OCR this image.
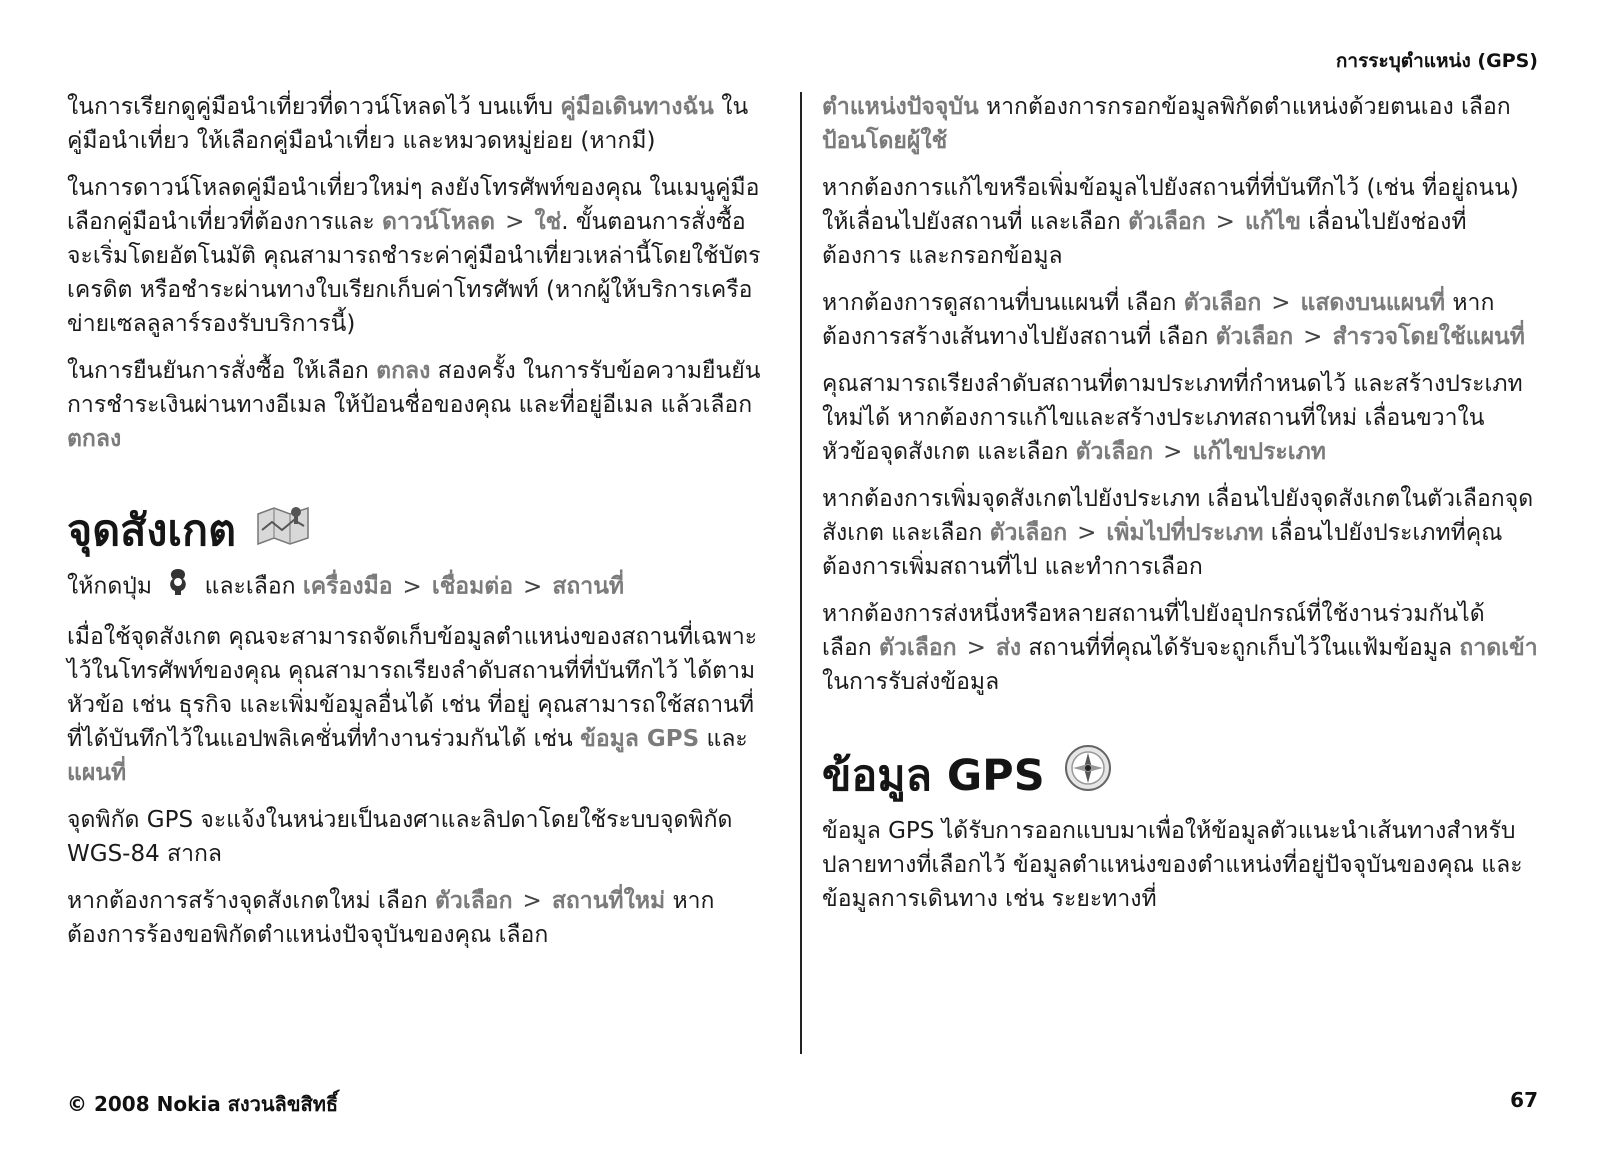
การระบุตำแหน่ง (GPS)

ในการเรียกดูคู่มือนำเที่ยวที่ดาวน์โหลดไว้ บนแท็บ คู่มือเดินทางฉัน ในคู่มือนำเที่ยว ให้เลือกคู่มือนำเที่ยว และหมวดหมู่ย่อย (หากมี)

ในการดาวน์โหลดคู่มือนำเที่ยวใหม่ๆ ลงยังโทรศัพท์ของคุณ ในเมนูคู่มือ เลือกคู่มือนำเที่ยวที่ต้องการและ ดาวน์โหลด > ใช่. ขั้นตอนการสั่งซื้อ จะเริ่มโดยอัตโนมัติ คุณสามารถชำระค่าคู่มือนำเที่ยวเหล่านี้โดยใช้บัตรเครดิต หรือชำระผ่านทางใบเรียกเก็บค่าโทรศัพท์ (หากผู้ให้บริการเครือข่ายเซลลูลาร์รองรับบริการนี้)

ในการยืนยันการสั่งซื้อ ให้เลือก ตกลง สองครั้ง ในการรับข้อความยืนยันการชำระเงินผ่านทางอีเมล ให้ป้อนชื่อของคุณ และที่อยู่อีเมล แล้วเลือก ตกลง

จุดสังเกต

ให้กดปุ่ม และเลือก เครื่องมือ > เชื่อมต่อ > สถานที่

เมื่อใช้จุดสังเกต คุณจะสามารถจัดเก็บข้อมูลตำแหน่งของสถานที่เฉพาะไว้ในโทรศัพท์ของคุณ คุณสามารถเรียงลำดับสถานที่ที่บันทึกไว้ ได้ตามหัวข้อ เช่น ธุรกิจ และเพิ่มข้อมูลอื่นได้ เช่น ที่อยู่ คุณสามารถใช้สถานที่ที่ได้บันทึกไว้ในแอปพลิเคชั่นที่ทำงานร่วมกันได้ เช่น ข้อมูล GPS และ แผนที่

จุดพิกัด GPS จะแจ้งในหน่วยเป็นองศาและลิปดาโดยใช้ระบบจุดพิกัด WGS-84 สากล

หากต้องการสร้างจุดสังเกตใหม่ เลือก ตัวเลือก > สถานที่ใหม่ หากต้องการร้องขอพิกัดตำแหน่งปัจจุบันของคุณ เลือก

ตำแหน่งปัจจุบัน หากต้องการกรอกข้อมูลพิกัดตำแหน่งด้วยตนเอง เลือก ป้อนโดยผู้ใช้

หากต้องการแก้ไขหรือเพิ่มข้อมูลไปยังสถานที่ที่บันทึกไว้ (เช่น ที่อยู่ถนน) ให้เลื่อนไปยังสถานที่ และเลือก ตัวเลือก > แก้ไข เลื่อนไปยังช่องที่ต้องการ และกรอกข้อมูล

หากต้องการดูสถานที่บนแผนที่ เลือก ตัวเลือก > แสดงบนแผนที่ หากต้องการสร้างเส้นทางไปยังสถานที่ เลือก ตัวเลือก > สำรวจโดยใช้แผนที่

คุณสามารถเรียงลำดับสถานที่ตามประเภทที่กำหนดไว้ และสร้างประเภทใหม่ได้ หากต้องการแก้ไขและสร้างประเภทสถานที่ใหม่ เลื่อนขวาในหัวข้อจุดสังเกต และเลือก ตัวเลือก > แก้ไขประเภท

หากต้องการเพิ่มจุดสังเกตไปยังประเภท เลื่อนไปยังจุดสังเกตในตัวเลือกจุดสังเกต และเลือก ตัวเลือก > เพิ่มไปที่ประเภท เลื่อนไปยังประเภทที่คุณต้องการเพิ่มสถานที่ไป และทำการเลือก

หากต้องการส่งหนึ่งหรือหลายสถานที่ไปยังอุปกรณ์ที่ใช้งานร่วมกันได้ เลือก ตัวเลือก > ส่ง สถานที่ที่คุณได้รับจะถูกเก็บไว้ในแฟ้มข้อมูล ถาดเข้า ในการรับส่งข้อมูล

ข้อมูล GPS

ข้อมูล GPS ได้รับการออกแบบมาเพื่อให้ข้อมูลตัวแนะนำเส้นทางสำหรับปลายทางที่เลือกไว้ ข้อมูลตำแหน่งของตำแหน่งที่อยู่ปัจจุบันของคุณ และข้อมูลการเดินทาง เช่น ระยะทางที่

© 2008 Nokia สงวนลิขสิทธิ์	67
